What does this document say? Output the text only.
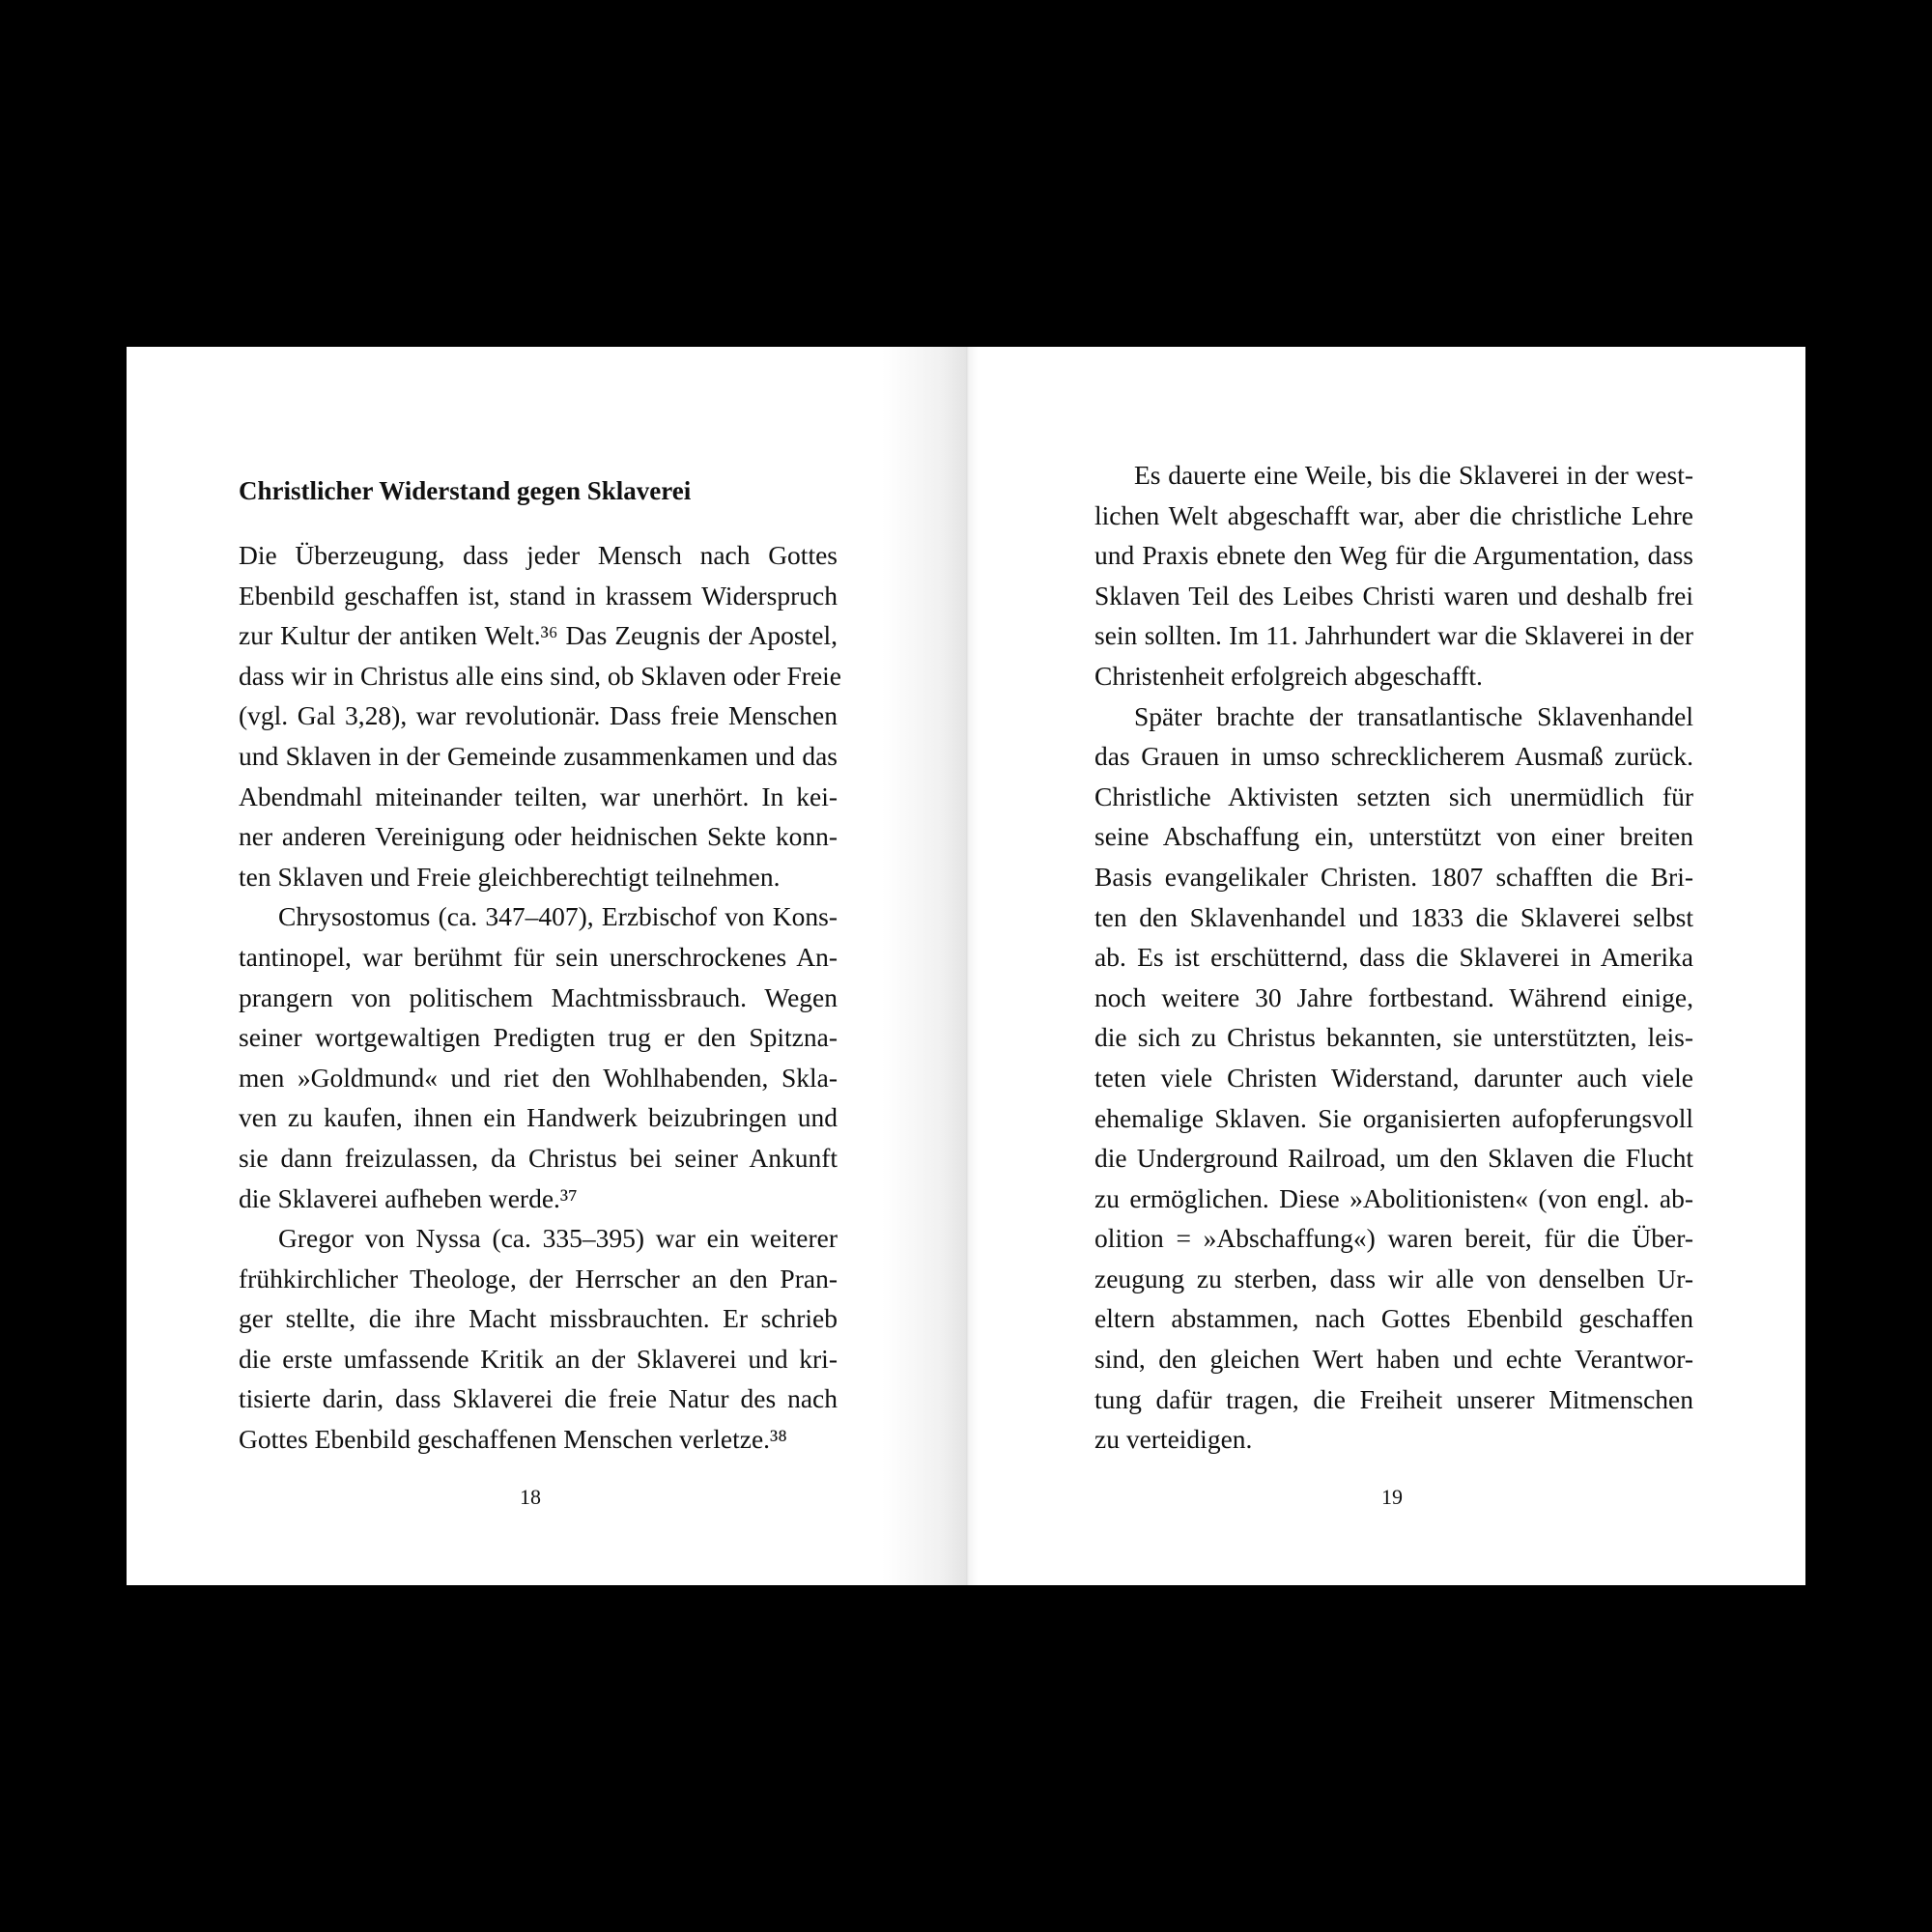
Christlicher Widerstand gegen Sklaverei
Die Überzeugung, dass jeder Mensch nach Gottes
Ebenbild geschaffen ist, stand in krassem Widerspruch
zur Kultur der antiken Welt.³⁶ Das Zeugnis der Apostel,
dass wir in Christus alle eins sind, ob Sklaven oder Freie
(vgl. Gal 3,28), war revolutionär. Dass freie Menschen
und Sklaven in der Gemeinde zusammenkamen und das
Abendmahl miteinander teilten, war unerhört. In kei-
ner anderen Vereinigung oder heidnischen Sekte konn-
ten Sklaven und Freie gleichberechtigt teilnehmen.
Chrysostomus (ca. 347–407), Erzbischof von Kons-
tantinopel, war berühmt für sein unerschrockenes An-
prangern von politischem Machtmissbrauch. Wegen
seiner wortgewaltigen Predigten trug er den Spitzna-
men »Goldmund« und riet den Wohlhabenden, Skla-
ven zu kaufen, ihnen ein Handwerk beizubringen und
sie dann freizulassen, da Christus bei seiner Ankunft
die Sklaverei aufheben werde.³⁷
Gregor von Nyssa (ca. 335–395) war ein weiterer
frühkirchlicher Theologe, der Herrscher an den Pran-
ger stellte, die ihre Macht missbrauchten. Er schrieb
die erste umfassende Kritik an der Sklaverei und kri-
tisierte darin, dass Sklaverei die freie Natur des nach
Gottes Ebenbild geschaffenen Menschen verletze.³⁸
18
Es dauerte eine Weile, bis die Sklaverei in der west-
lichen Welt abgeschafft war, aber die christliche Lehre
und Praxis ebnete den Weg für die Argumentation, dass
Sklaven Teil des Leibes Christi waren und deshalb frei
sein sollten. Im 11. Jahrhundert war die Sklaverei in der
Christenheit erfolgreich abgeschafft.
Später brachte der transatlantische Sklavenhandel
das Grauen in umso schrecklicherem Ausmaß zurück.
Christliche Aktivisten setzten sich unermüdlich für
seine Abschaffung ein, unterstützt von einer breiten
Basis evangelikaler Christen. 1807 schafften die Bri-
ten den Sklavenhandel und 1833 die Sklaverei selbst
ab. Es ist erschütternd, dass die Sklaverei in Amerika
noch weitere 30 Jahre fortbestand. Während einige,
die sich zu Christus bekannten, sie unterstützten, leis-
teten viele Christen Widerstand, darunter auch viele
ehemalige Sklaven. Sie organisierten aufopferungsvoll
die Underground Railroad, um den Sklaven die Flucht
zu ermöglichen. Diese »Abolitionisten« (von engl. ab-
olition = »Abschaffung«) waren bereit, für die Über-
zeugung zu sterben, dass wir alle von denselben Ur-
eltern abstammen, nach Gottes Ebenbild geschaffen
sind, den gleichen Wert haben und echte Verantwor-
tung dafür tragen, die Freiheit unserer Mitmenschen
zu verteidigen.
19
